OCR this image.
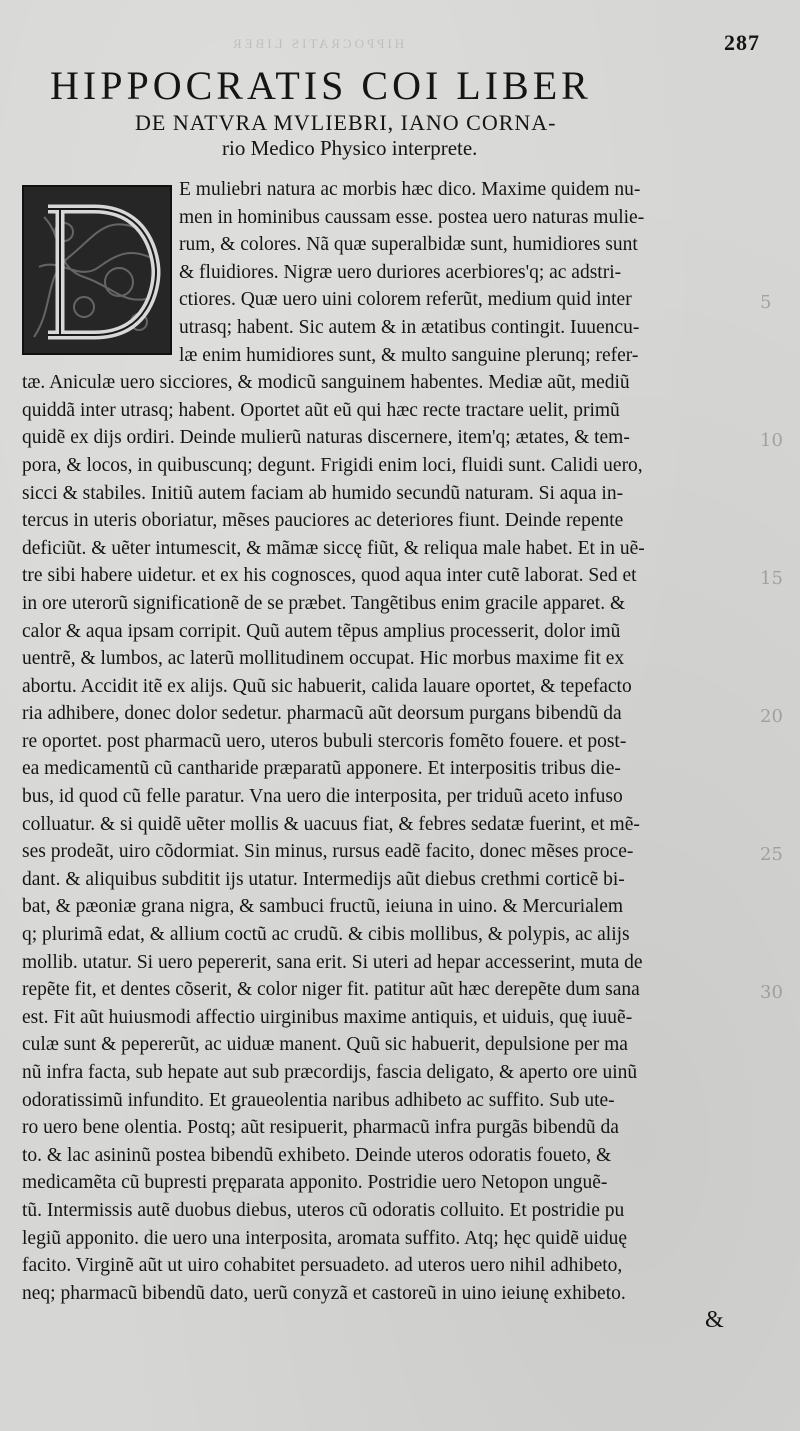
HIPPOCRATIS LIBER	287
HIPPOCRATIS COI LIBER
DE NATVRA MVLIEBRI, IANO CORNA-
rio Medico Physico interprete.
E muliebri natura ac morbis hæc dico. Maxime quidem nu-
men in hominibus caussam esse. postea uero naturas mulie-
rum, & colores. Nã quæ superalbidæ sunt, humidiores sunt
& fluidiores. Nigræ uero duriores acerbiores'q; ac adstri-
ctiores. Quæ uero uini colorem referũt, medium quid inter
utrasq; habent. Sic autem & in ætatibus contingit. Iuuencu-
læ enim humidiores sunt, & multo sanguine plerunq; refer-
tæ. Aniculæ uero sicciores, & modicũ sanguinem habentes. Mediæ aũt, mediũ
quiddã inter utrasq; habent. Oportet aũt eũ qui hæc recte tractare uelit, primũ
quidẽ ex dijs ordiri. Deinde mulierũ naturas discernere, item'q; ætates, & tem-
pora, & locos, in quibuscunq; degunt. Frigidi enim loci, fluidi sunt. Calidi uero,
sicci & stabiles. Initiũ autem faciam ab humido secundũ naturam. Si aqua in-
tercus in uteris oboriatur, mẽses pauciores ac deteriores fiunt. Deinde repente
deficiũt. & uẽter intumescit, & mãmæ siccę fiũt, & reliqua male habet. Et in uẽ-
tre sibi habere uidetur. et ex his cognosces, quod aqua inter cutẽ laborat. Sed et
in ore uterorũ significationẽ de se præbet. Tangẽtibus enim gracile apparet. &
calor & aqua ipsam corripit. Quũ autem tẽpus amplius processerit, dolor imũ
uentrẽ, & lumbos, ac laterũ mollitudinem occupat. Hic morbus maxime fit ex
abortu. Accidit itẽ ex alijs. Quũ sic habuerit, calida lauare oportet, & tepefacto
ria adhibere, donec dolor sedetur. pharmacũ aũt deorsum purgans bibendũ da
re oportet. post pharmacũ uero, uteros bubuli stercoris fomẽto fouere. et post-
ea medicamentũ cũ cantharide præparatũ apponere. Et interpositis tribus die-
bus, id quod cũ felle paratur. Vna uero die interposita, per triduũ aceto infuso
colluatur. & si quidẽ uẽter mollis & uacuus fiat, & febres sedatæ fuerint, et mẽ-
ses prodeãt, uiro cõdormiat. Sin minus, rursus eadẽ facito, donec mẽses proce-
dant. & aliquibus subditit ijs utatur. Intermedijs aũt diebus crethmi corticẽ bi-
bat, & pæoniæ grana nigra, & sambuci fructũ, ieiuna in uino. & Mercurialem
q; plurimã edat, & allium coctũ ac crudũ. & cibis mollibus, & polypis, ac alijs
mollib. utatur. Si uero pepererit, sana erit. Si uteri ad hepar accesserint, muta de
repẽte fit, et dentes cõserit, & color niger fit. patitur aũt hæc derepẽte dum sana
est. Fit aũt huiusmodi affectio uirginibus maxime antiquis, et uiduis, quę iuuẽ-
culæ sunt & pepererũt, ac uiduæ manent. Quũ sic habuerit, depulsione per ma
nũ infra facta, sub hepate aut sub præcordijs, fascia deligato, & aperto ore uinũ
odoratissimũ infundito. Et graueolentia naribus adhibeto ac suffito. Sub ute-
ro uero bene olentia. Postq; aũt resipuerit, pharmacũ infra purgãs bibendũ da
to. & lac asininũ postea bibendũ exhibeto. Deinde uteros odoratis foueto, &
medicamẽta cũ bupresti pręparata apponito. Postridie uero Netopon unguẽ-
tũ. Intermissis autẽ duobus diebus, uteros cũ odoratis colluito. Et postridie pu
legiũ apponito. die uero una interposita, aromata suffito. Atq; hęc quidẽ uiduę
facito. Virginẽ aũt ut uiro cohabitet persuadeto. ad uteros uero nihil adhibeto,
neq; pharmacũ bibendũ dato, uerũ conyzã et castoreũ in uino ieiunę exhibeto.
5
10
15
20
25
30
&
